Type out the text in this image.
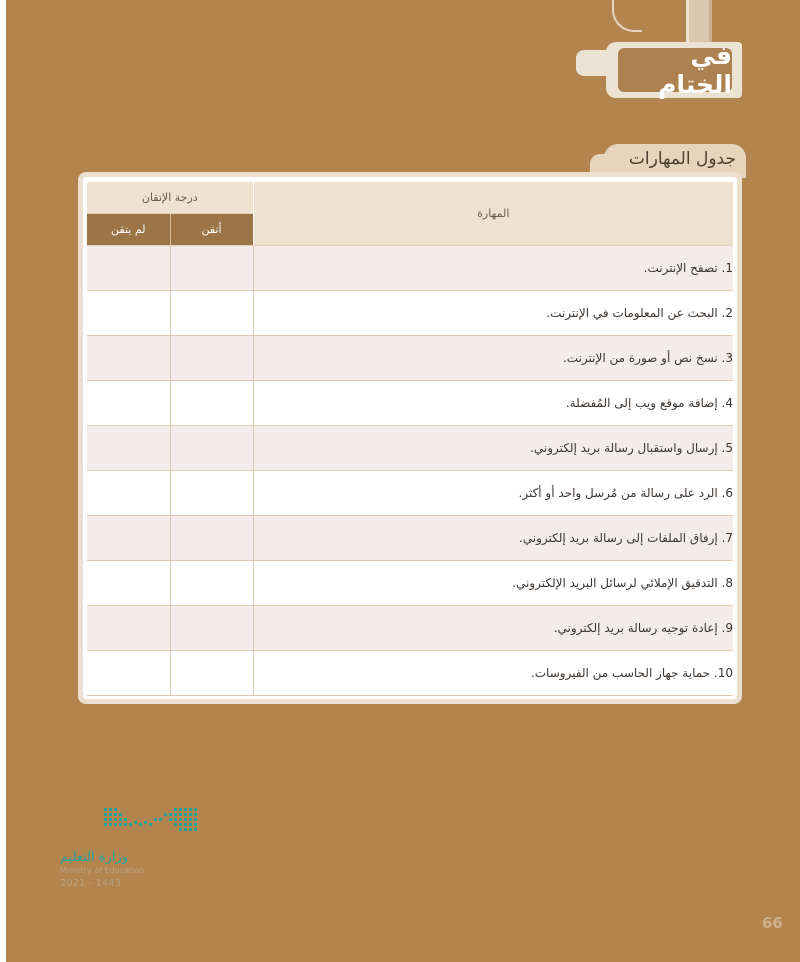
في الختام
جدول المهارات
المهارة	درجة الإتقان	
	أتقن	لم يتقن
1. تصفح الإنترنت.		
2. البحث عن المعلومات في الإنترنت.		
3. نسخ نص أو صورة من الإنترنت.		
4. إضافة موقع ويب إلى المُفضلة.		
5. إرسال واستقبال رسالة بريد إلكتروني.		
6. الرد على رسالة من مُرسل واحد أو أكثر.		
7. إرفاق الملفات إلى رسالة بريد إلكتروني.		
8. التدقيق الإملائي لرسائل البريد الإلكتروني.		
9. إعادة توجيه رسالة بريد إلكتروني.		
10. حماية جهاز الحاسب من الفيروسات.		
وزارة التعليم
Ministry of Education
2021 - 1443
66
